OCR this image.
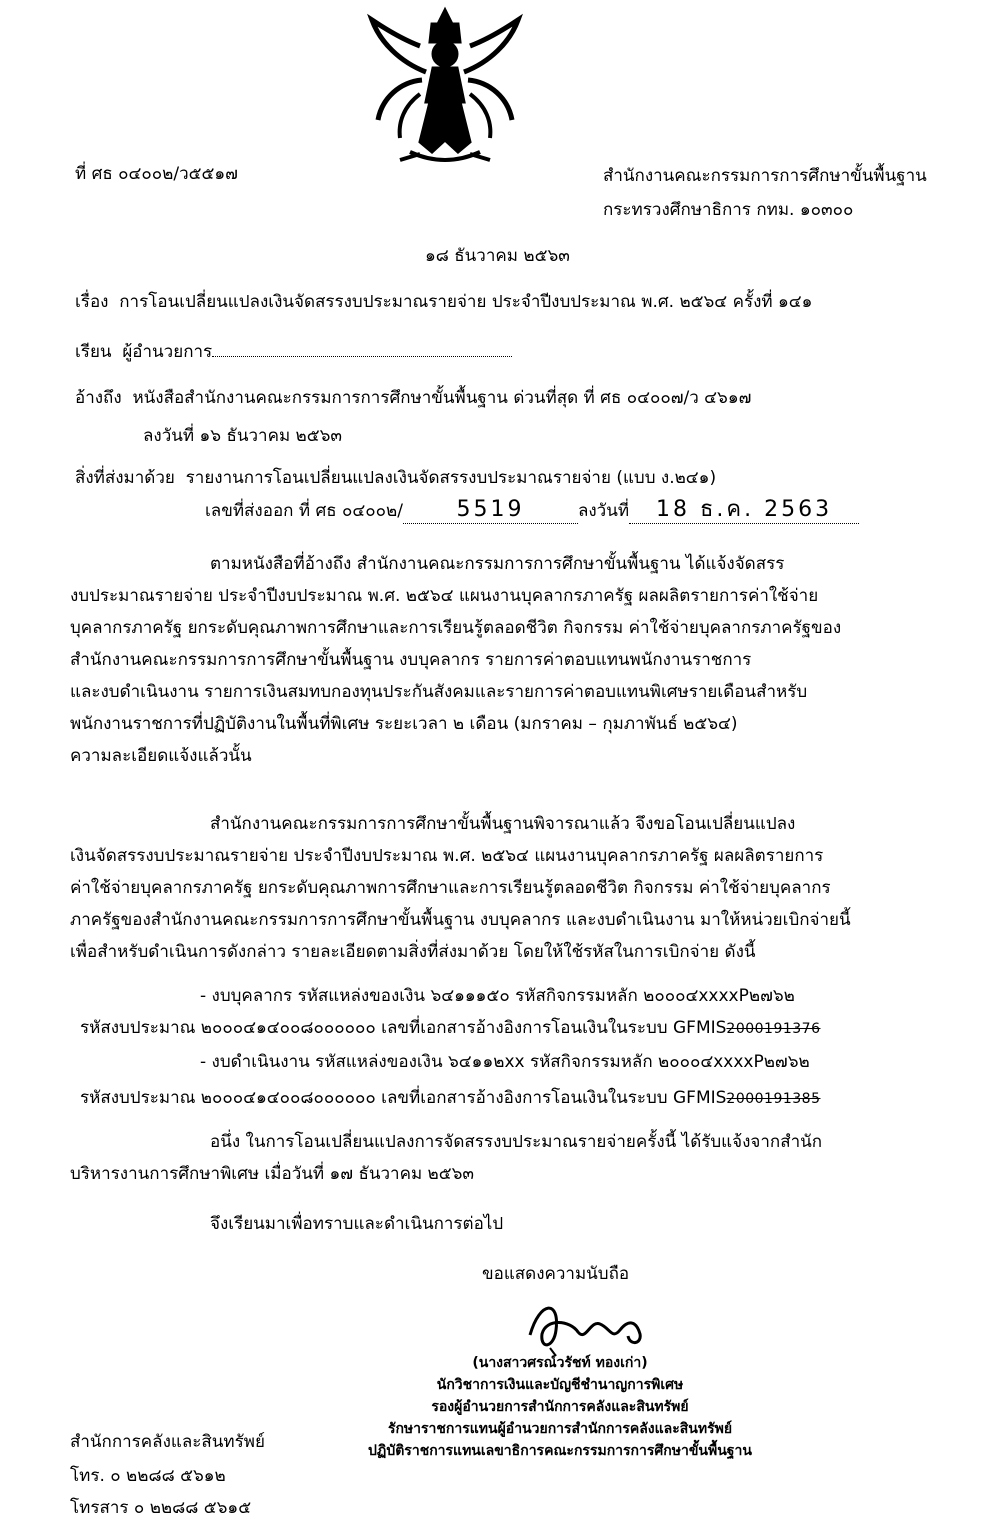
ที่ ศธ ๐๔๐๐๒/ว๕๕๑๗	สำนักงานคณะกรรมการการศึกษาขั้นพื้นฐาน
กระทรวงศึกษาธิการ กทม. ๑๐๓๐๐
๑๘ ธันวาคม ๒๕๖๓
เรื่อง การโอนเปลี่ยนแปลงเงินจัดสรรงบประมาณรายจ่าย ประจำปีงบประมาณ พ.ศ. ๒๕๖๔ ครั้งที่ ๑๔๑
เรียน ผู้อำนวยการ
อ้างถึง หนังสือสำนักงานคณะกรรมการการศึกษาขั้นพื้นฐาน ด่วนที่สุด ที่ ศธ ๐๔๐๐๗/ว ๔๖๑๗
ลงวันที่ ๑๖ ธันวาคม ๒๕๖๓
สิ่งที่ส่งมาด้วย รายงานการโอนเปลี่ยนแปลงเงินจัดสรรงบประมาณรายจ่าย (แบบ ง.๒๔๑)
เลขที่ส่งออก ที่ ศธ ๐๔๐๐๒/ 5519	ลงวันที่ 18 ธ.ค. 2563
ตามหนังสือที่อ้างถึง สำนักงานคณะกรรมการการศึกษาขั้นพื้นฐาน ได้แจ้งจัดสรร
งบประมาณรายจ่าย ประจำปีงบประมาณ พ.ศ. ๒๕๖๔ แผนงานบุคลากรภาครัฐ ผลผลิตรายการค่าใช้จ่าย
บุคลากรภาครัฐ ยกระดับคุณภาพการศึกษาและการเรียนรู้ตลอดชีวิต กิจกรรม ค่าใช้จ่ายบุคลากรภาครัฐของ
สำนักงานคณะกรรมการการศึกษาขั้นพื้นฐาน งบบุคลากร รายการค่าตอบแทนพนักงานราชการ
และงบดำเนินงาน รายการเงินสมทบกองทุนประกันสังคมและรายการค่าตอบแทนพิเศษรายเดือนสำหรับ
พนักงานราชการที่ปฏิบัติงานในพื้นที่พิเศษ ระยะเวลา ๒ เดือน (มกราคม – กุมภาพันธ์ ๒๕๖๔)
ความละเอียดแจ้งแล้วนั้น
สำนักงานคณะกรรมการการศึกษาขั้นพื้นฐานพิจารณาแล้ว จึงขอโอนเปลี่ยนแปลง
เงินจัดสรรงบประมาณรายจ่าย ประจำปีงบประมาณ พ.ศ. ๒๕๖๔ แผนงานบุคลากรภาครัฐ ผลผลิตรายการ
ค่าใช้จ่ายบุคลากรภาครัฐ ยกระดับคุณภาพการศึกษาและการเรียนรู้ตลอดชีวิต กิจกรรม ค่าใช้จ่ายบุคลากร
ภาครัฐของสำนักงานคณะกรรมการการศึกษาขั้นพื้นฐาน งบบุคลากร และงบดำเนินงาน มาให้หน่วยเบิกจ่ายนี้
เพื่อสำหรับดำเนินการดังกล่าว รายละเอียดตามสิ่งที่ส่งมาด้วย โดยให้ใช้รหัสในการเบิกจ่าย ดังนี้
- งบบุคลากร รหัสแหล่งของเงิน ๖๔๑๑๑๕๐ รหัสกิจกรรมหลัก ๒๐๐๐๔xxxxP๒๗๖๒
รหัสงบประมาณ ๒๐๐๐๔๑๔๐๐๘๐๐๐๐๐๐ เลขที่เอกสารอ้างอิงการโอนเงินในระบบ GFMIS2000191376
- งบดำเนินงาน รหัสแหล่งของเงิน ๖๔๑๑๒xx รหัสกิจกรรมหลัก ๒๐๐๐๔xxxxP๒๗๖๒
รหัสงบประมาณ ๒๐๐๐๔๑๔๐๐๘๐๐๐๐๐๐ เลขที่เอกสารอ้างอิงการโอนเงินในระบบ GFMIS2000191385
อนึ่ง ในการโอนเปลี่ยนแปลงการจัดสรรงบประมาณรายจ่ายครั้งนี้ ได้รับแจ้งจากสำนัก
บริหารงานการศึกษาพิเศษ เมื่อวันที่ ๑๗ ธันวาคม ๒๕๖๓
จึงเรียนมาเพื่อทราบและดำเนินการต่อไป
ขอแสดงความนับถือ
(นางสาวศรณ์วรัชท์ ทองเก่า)
นักวิชาการเงินและบัญชีชำนาญการพิเศษ
รองผู้อำนวยการสำนักการคลังและสินทรัพย์
รักษาราชการแทนผู้อำนวยการสำนักการคลังและสินทรัพย์
ปฏิบัติราชการแทนเลขาธิการคณะกรรมการการศึกษาขั้นพื้นฐาน
สำนักการคลังและสินทรัพย์
โทร. ๐ ๒๒๘๘ ๕๖๑๒
โทรสาร ๐ ๒๒๘๘ ๕๖๑๕
